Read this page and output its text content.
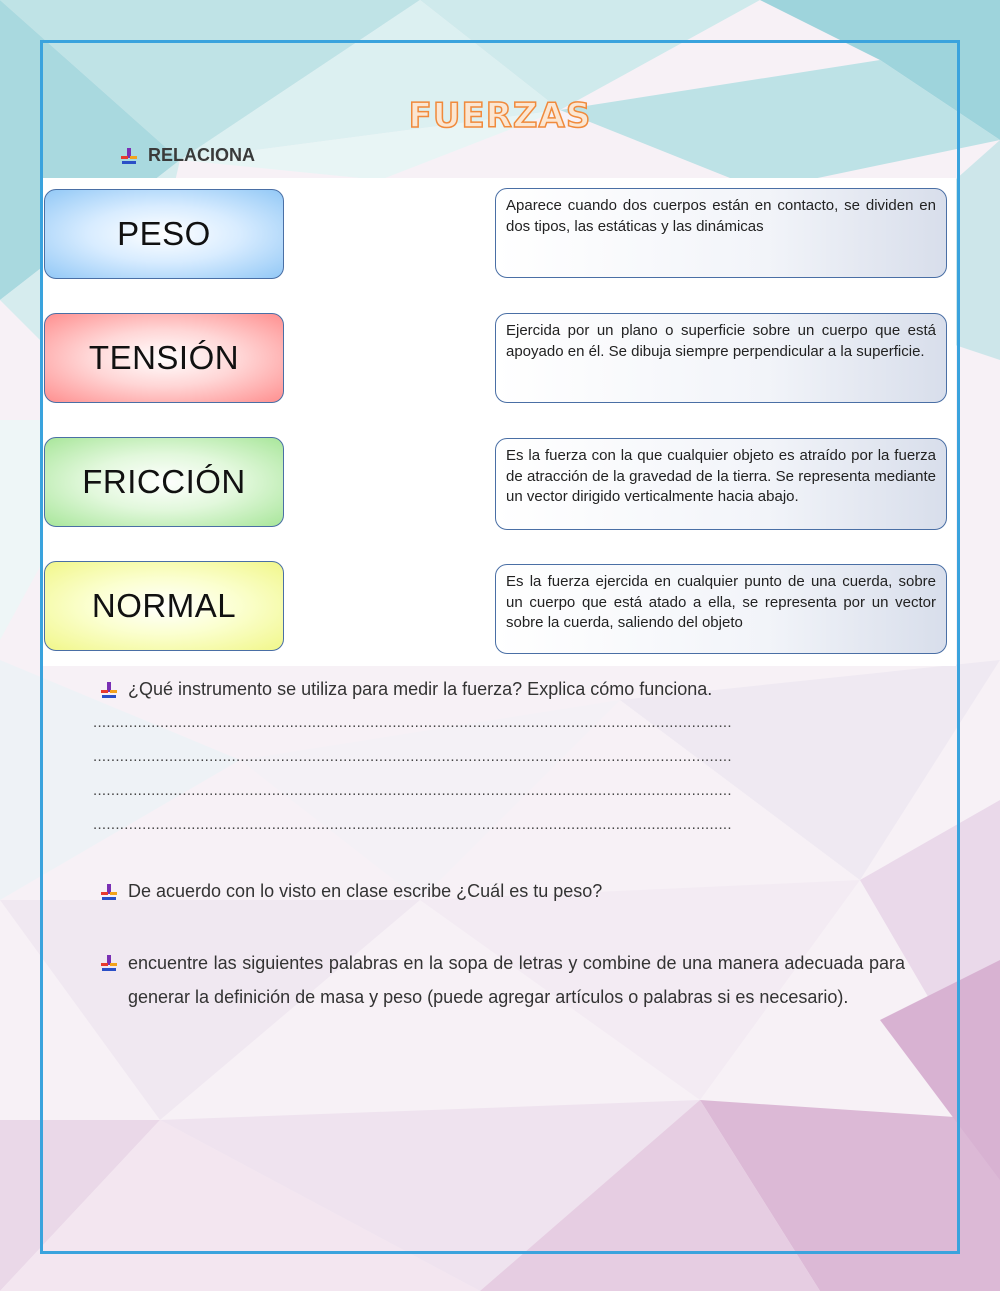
FUERZAS
RELACIONA
PESO
TENSIÓN
FRICCIÓN
NORMAL
Aparece cuando dos cuerpos están en contacto, se dividen en dos tipos, las estáticas y las dinámicas
Ejercida por un plano o superficie sobre un cuerpo que está apoyado en él. Se dibuja siempre perpendicular a la superficie.
Es la fuerza con la que cualquier objeto es atraído por la fuerza de atracción de la gravedad de la tierra. Se representa mediante un vector dirigido verticalmente hacia abajo.
Es la fuerza ejercida en cualquier punto de una cuerda, sobre un cuerpo que está atado a ella, se representa por un vector sobre la cuerda, saliendo del objeto
¿Qué instrumento se utiliza para medir la fuerza? Explica cómo funciona.
...............................................................................................................................................
...............................................................................................................................................
...............................................................................................................................................
...............................................................................................................................................
De acuerdo con lo visto en clase escribe ¿Cuál es tu peso?
encuentre las siguientes palabras en la sopa de letras y combine de una manera adecuada para generar la definición de masa y peso (puede agregar artículos o palabras si es necesario).
